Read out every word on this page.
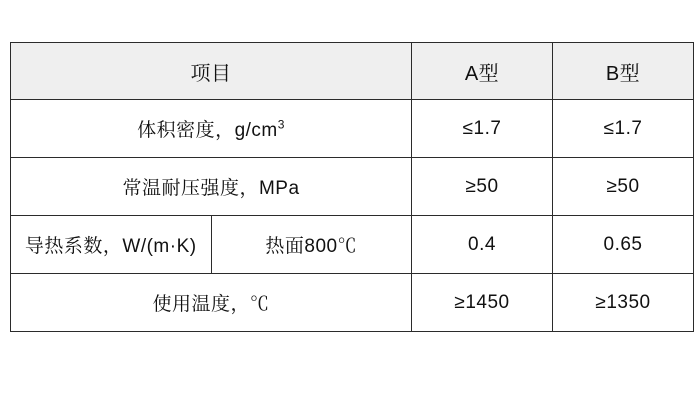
项目		A型	B型
体积密度，$g/cm^3$		≤1.7	≤1.7
常温耐压强度，MPa		≥50	≥50
导热系数，W/(m·K)	热面800℃	0.4	0.65
使用温度，℃		≥1450	≥1350
